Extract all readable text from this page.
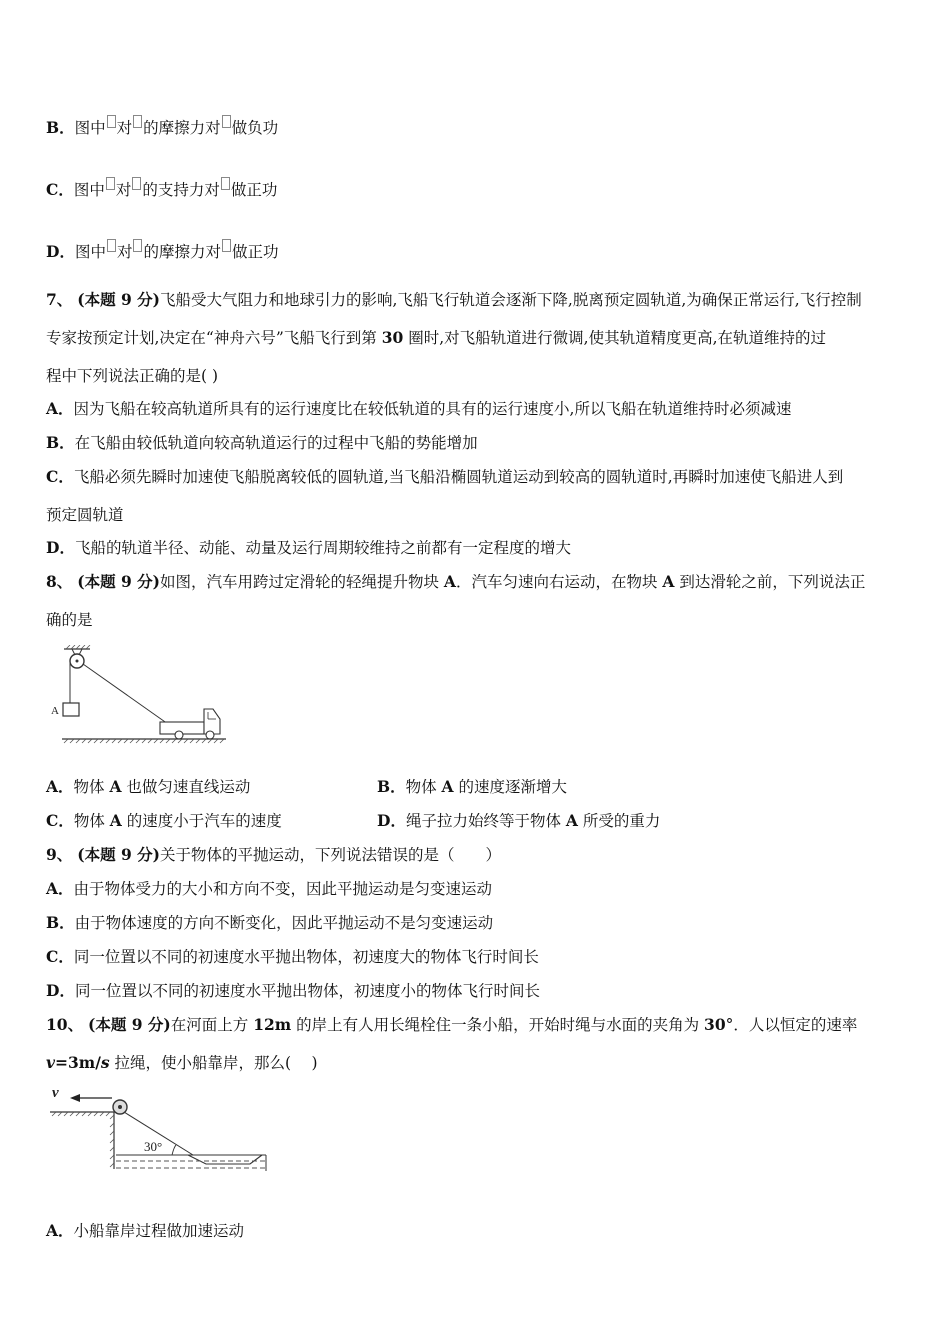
B．图中 对 的摩擦力对 做负功
C．图中 对 的支持力对 做正功
D．图中 对 的摩擦力对 做正功
7、 (本题 9 分)飞船受大气阻力和地球引力的影响,飞船飞行轨道会逐渐下降,脱离预定圆轨道,为确保正常运行,飞行控制
专家按预定计划,决定在“神舟六号”飞船飞行到第 30 圈时,对飞船轨道进行微调,使其轨道精度更高,在轨道维持的过
程中下列说法正确的是( )
A．因为飞船在较高轨道所具有的运行速度比在较低轨道的具有的运行速度小,所以飞船在轨道维持时必须减速
B．在飞船由较低轨道向较高轨道运行的过程中飞船的势能增加
C．飞船必须先瞬时加速使飞船脱离较低的圆轨道,当飞船沿椭圆轨道运动到较高的圆轨道时,再瞬时加速使飞船进人到
预定圆轨道
D．飞船的轨道半径、动能、动量及运行周期较维持之前都有一定程度的增大
8、 (本题 9 分)如图，汽车用跨过定滑轮的轻绳提升物块 A．汽车匀速向右运动，在物块 A 到达滑轮之前，下列说法正
确的是
A
A．物体 A 也做匀速直线运动	B．物体 A 的速度逐渐增大
C．物体 A 的速度小于汽车的速度	D．绳子拉力始终等于物体 A 所受的重力
9、 (本题 9 分)关于物体的平抛运动，下列说法错误的是（　　）
A．由于物体受力的大小和方向不变，因此平抛运动是匀变速运动
B．由于物体速度的方向不断变化，因此平抛运动不是匀变速运动
C．同一位置以不同的初速度水平抛出物体，初速度大的物体飞行时间长
D．同一位置以不同的初速度水平抛出物体，初速度小的物体飞行时间长
10、 (本题 9 分)在河面上方 12m 的岸上有人用长绳栓住一条小船，开始时绳与水面的夹角为 30°．人以恒定的速率
v=3m/s 拉绳，使小船靠岸，那么(　 )
v
30°
A．小船靠岸过程做加速运动
